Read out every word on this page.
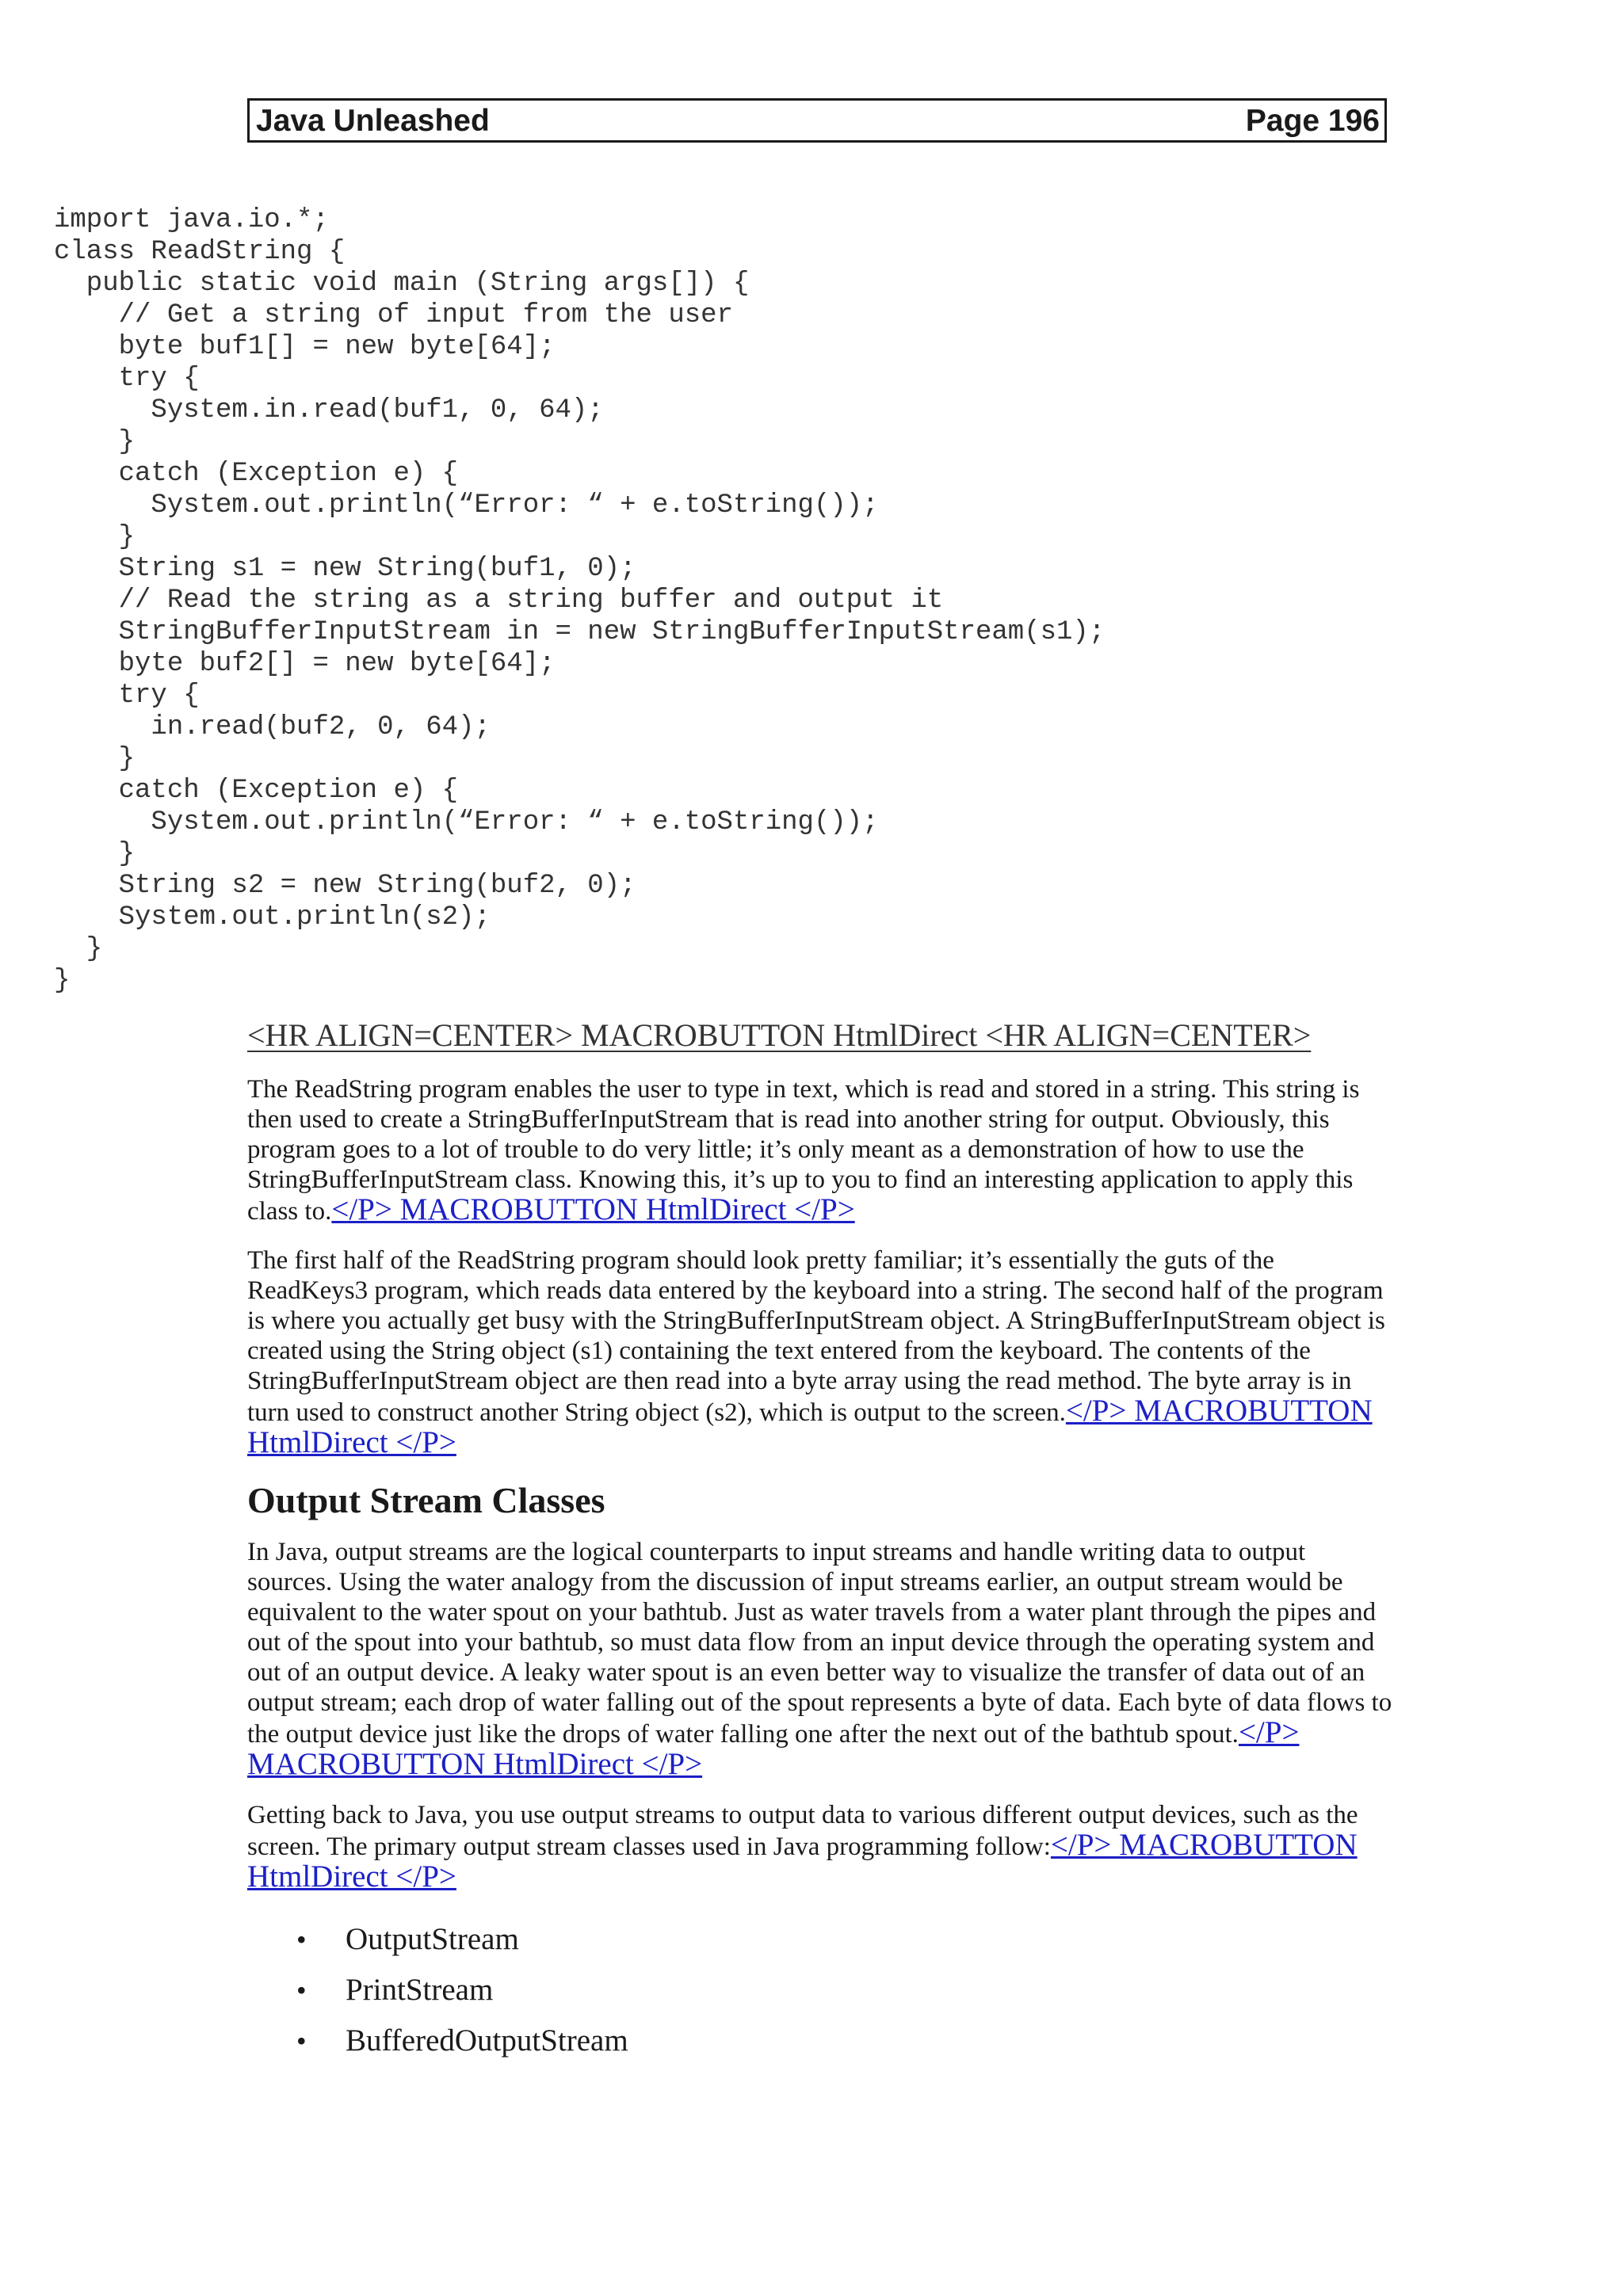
Java Unleashed	Page 196
import java.io.*;
class ReadString {
public static void main (String args[]) {
// Get a string of input from the user
byte buf1[] = new byte[64];
try {
System.in.read(buf1, 0, 64);
}
catch (Exception e) {
System.out.println(“Error: “ + e.toString());
}
String s1 = new String(buf1, 0);
// Read the string as a string buffer and output it
StringBufferInputStream in = new StringBufferInputStream(s1);
byte buf2[] = new byte[64];
try {
in.read(buf2, 0, 64);
}
catch (Exception e) {
System.out.println(“Error: “ + e.toString());
}
String s2 = new String(buf2, 0);
System.out.println(s2);
}
}
<HR ALIGN=CENTER> MACROBUTTON HtmlDirect <HR ALIGN=CENTER>

The ReadString program enables the user to type in text, which is read and stored in a string. This string is then used to create a StringBufferInputStream that is read into another string for output. Obviously, this program goes to a lot of trouble to do very little; it’s only meant as a demonstration of how to use the StringBufferInputStream class. Knowing this, it’s up to you to find an interesting application to apply this class to.</P> MACROBUTTON HtmlDirect </P>

The first half of the ReadString program should look pretty familiar; it’s essentially the guts of the ReadKeys3 program, which reads data entered by the keyboard into a string. The second half of the program is where you actually get busy with the StringBufferInputStream object. A StringBufferInputStream object is created using the String object (s1) containing the text entered from the keyboard. The contents of the StringBufferInputStream object are then read into a byte array using the read method. The byte array is in turn used to construct another String object (s2), which is output to the screen.</P> MACROBUTTON HtmlDirect </P>

Output Stream Classes

In Java, output streams are the logical counterparts to input streams and handle writing data to output sources. Using the water analogy from the discussion of input streams earlier, an output stream would be equivalent to the water spout on your bathtub. Just as water travels from a water plant through the pipes and out of the spout into your bathtub, so must data flow from an input device through the operating system and out of an output device. A leaky water spout is an even better way to visualize the transfer of data out of an output stream; each drop of water falling out of the spout represents a byte of data. Each byte of data flows to the output device just like the drops of water falling one after the next out of the bathtub spout.</P> MACROBUTTON HtmlDirect </P>

Getting back to Java, you use output streams to output data to various different output devices, such as the screen. The primary output stream classes used in Java programming follow:</P> MACROBUTTON HtmlDirect </P>

• OutputStream
• PrintStream
• BufferedOutputStream
